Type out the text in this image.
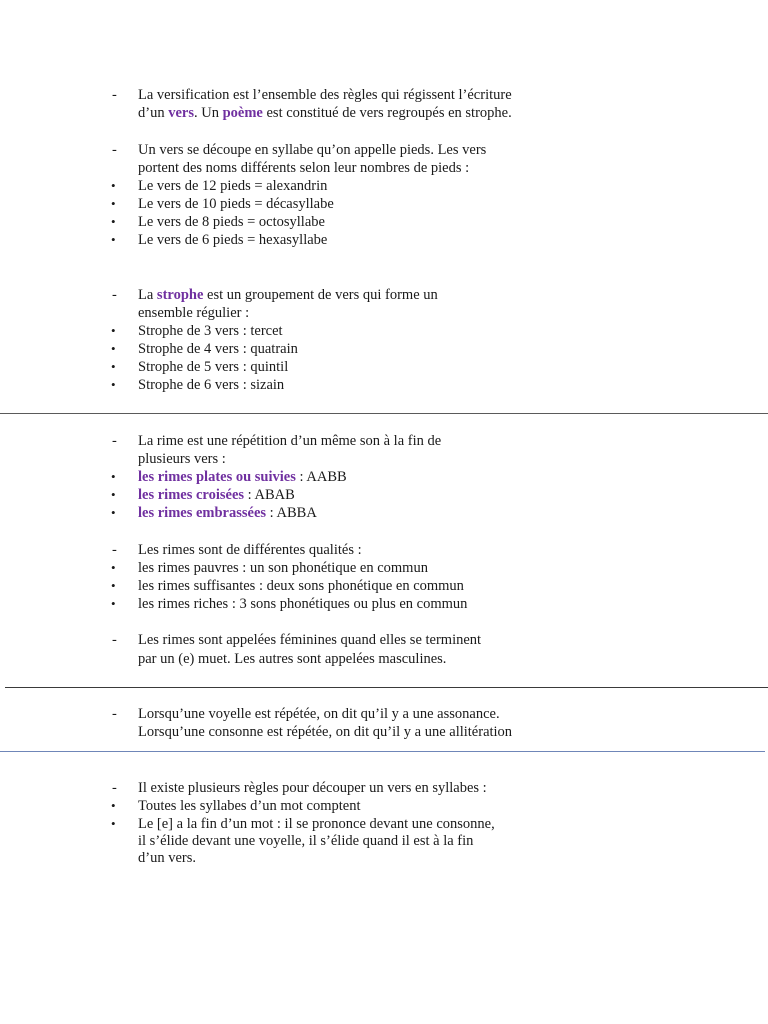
-	La versification est l’ensemble des règles qui régissent l’écriture
d’un vers. Un poème est constitué de vers regroupés en strophe.
-	Un vers se découpe en syllabe qu’on appelle pieds. Les vers
portent des noms différents selon leur nombres de pieds :
•	Le vers de 12 pieds = alexandrin
•	Le vers de 10 pieds = décasyllabe
•	Le vers de 8 pieds = octosyllabe
•	Le vers de 6 pieds = hexasyllabe
-	La strophe est un groupement de vers qui forme un
ensemble régulier :
•	Strophe de 3 vers : tercet
•	Strophe de 4 vers : quatrain
•	Strophe de 5 vers : quintil
•	Strophe de 6 vers : sizain
-	La rime est une répétition d’un même son à la fin de
plusieurs vers :
•	les rimes plates ou suivies : AABB
•	les rimes croisées : ABAB
•	les rimes embrassées : ABBA
-	Les rimes sont de différentes qualités :
•	les rimes pauvres : un son phonétique en commun
•	les rimes suffisantes : deux sons phonétique en commun
•	les rimes riches : 3 sons phonétiques ou plus en commun
-	Les rimes sont appelées féminines quand elles se terminent
par un (e) muet. Les autres sont appelées masculines.
-	Lorsqu’une voyelle est répétée, on dit qu’il y a une assonance.
Lorsqu’une consonne est répétée, on dit qu’il y a une allitération
-	Il existe plusieurs règles pour découper un vers en syllabes :
•	Toutes les syllabes d’un mot comptent
•	Le [e] a la fin d’un mot : il se prononce devant une consonne,
il s’élide devant une voyelle, il s’élide quand il est à la fin
d’un vers.
